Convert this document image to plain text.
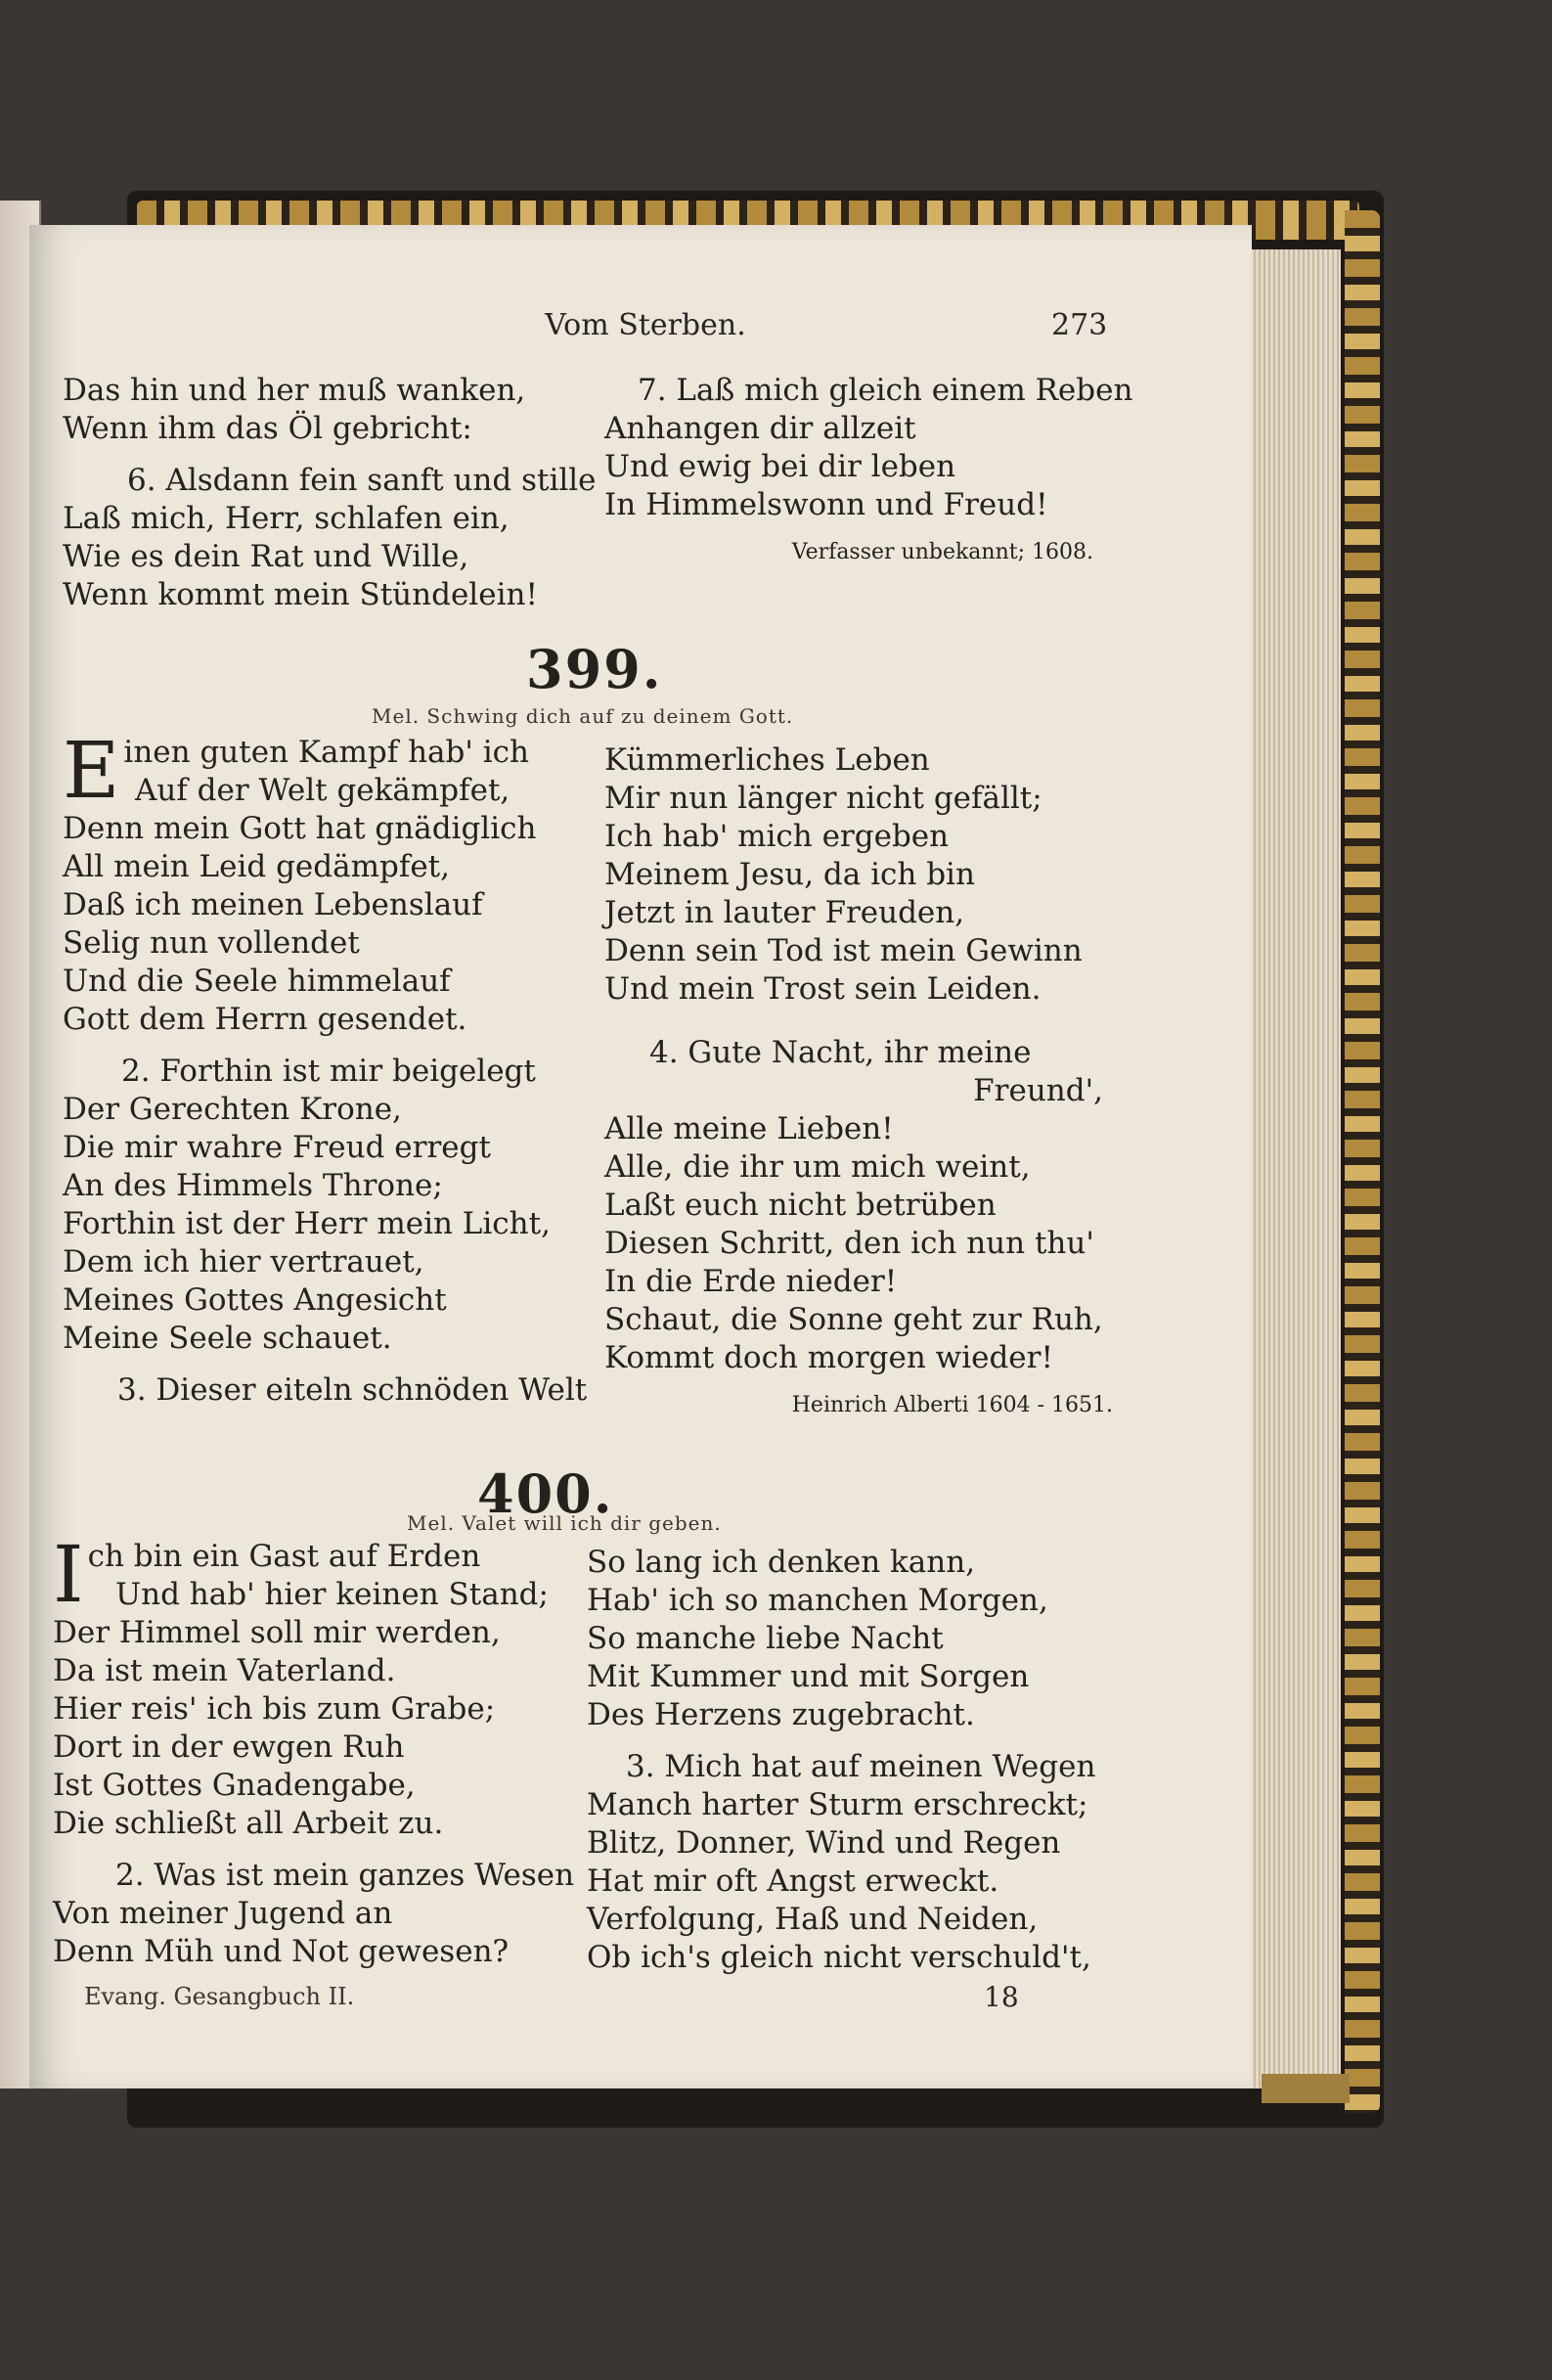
Vom Sterben.	273
Das hin und her muß wanken,
Wenn ihm das Öl gebricht:
6. Alsdann fein sanft und stille
Laß mich, Herr, schlafen ein,
Wie es dein Rat und Wille,
Wenn kommt mein Stündelein!
7. Laß mich gleich einem Reben
Anhangen dir allzeit
Und ewig bei dir leben
In Himmelswonn und Freud!
Verfasser unbekannt; 1608.
399.
Mel. Schwing dich auf zu deinem Gott.
Einen guten Kampf hab' ich
Auf der Welt gekämpfet,
Denn mein Gott hat gnädiglich
All mein Leid gedämpfet,
Daß ich meinen Lebenslauf
Selig nun vollendet
Und die Seele himmelauf
Gott dem Herrn gesendet.
2. Forthin ist mir beigelegt
Der Gerechten Krone,
Die mir wahre Freud erregt
An des Himmels Throne;
Forthin ist der Herr mein Licht,
Dem ich hier vertrauet,
Meines Gottes Angesicht
Meine Seele schauet.
3. Dieser eiteln schnöden Welt
Kümmerliches Leben
Mir nun länger nicht gefällt;
Ich hab' mich ergeben
Meinem Jesu, da ich bin
Jetzt in lauter Freuden,
Denn sein Tod ist mein Gewinn
Und mein Trost sein Leiden.
4. Gute Nacht, ihr meine
Freund',
Alle meine Lieben!
Alle, die ihr um mich weint,
Laßt euch nicht betrüben
Diesen Schritt, den ich nun thu'
In die Erde nieder!
Schaut, die Sonne geht zur Ruh,
Kommt doch morgen wieder!
Heinrich Alberti 1604 - 1651.
400.
Mel. Valet will ich dir geben.
Ich bin ein Gast auf Erden
Und hab' hier keinen Stand;
Der Himmel soll mir werden,
Da ist mein Vaterland.
Hier reis' ich bis zum Grabe;
Dort in der ewgen Ruh
Ist Gottes Gnadengabe,
Die schließt all Arbeit zu.
2. Was ist mein ganzes Wesen
Von meiner Jugend an
Denn Müh und Not gewesen?
So lang ich denken kann,
Hab' ich so manchen Morgen,
So manche liebe Nacht
Mit Kummer und mit Sorgen
Des Herzens zugebracht.
3. Mich hat auf meinen Wegen
Manch harter Sturm erschreckt;
Blitz, Donner, Wind und Regen
Hat mir oft Angst erweckt.
Verfolgung, Haß und Neiden,
Ob ich's gleich nicht verschuld't,
Evang. Gesangbuch II.	18
